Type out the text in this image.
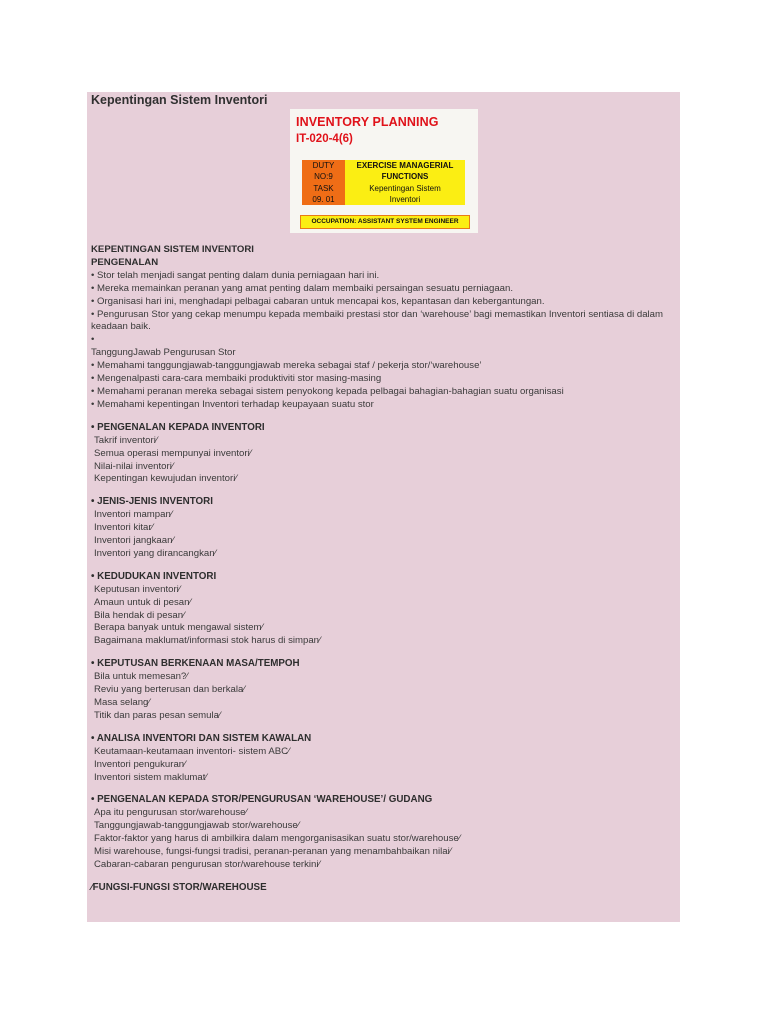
Kepentingan Sistem Inventori
INVENTORY PLANNING
IT-020-4(6)
DUTY	EXERCISE MANAGERIAL
NO:9	FUNCTIONS
TASK	Kepentingan Sistem
09. 01	Inventori
OCCUPATION: ASSISTANT SYSTEM ENGINEER
KEPENTINGAN SISTEM INVENTORI
PENGENALAN
• Stor telah menjadi sangat penting dalam dunia perniagaan hari ini.
• Mereka memainkan peranan yang amat penting dalam membaiki persaingan sesuatu perniagaan.
• Organisasi hari ini, menghadapi pelbagai cabaran untuk mencapai kos, kepantasan dan kebergantungan.
• Pengurusan Stor yang cekap menumpu kepada membaiki prestasi stor dan ‘warehouse’ bagi memastikan Inventori sentiasa di dalam keadaan baik.
•
TanggungJawab Pengurusan Stor
• Memahami tanggungjawab-tanggungjawab mereka sebagai staf / pekerja stor/‘warehouse’
• Mengenalpasti cara-cara membaiki produktiviti stor masing-masing
• Memahami peranan mereka sebagai sistem penyokong kepada pelbagai bahagian-bahagian suatu organisasi
• Memahami kepentingan Inventori terhadap keupayaan suatu stor
• PENGENALAN KEPADA INVENTORI
Takrif inventori⁄
Semua operasi mempunyai inventori⁄
Nilai-nilai inventori⁄
Kepentingan kewujudan inventori⁄
• JENIS-JENIS INVENTORI
Inventori mampan⁄
Inventori kitar⁄
Inventori jangkaan⁄
Inventori yang dirancangkan⁄
• KEDUDUKAN INVENTORI
Keputusan inventori⁄
Amaun untuk di pesan⁄
Bila hendak di pesan⁄
Berapa banyak untuk mengawal sistem⁄
Bagaimana maklumat/informasi stok harus di simpan⁄
• KEPUTUSAN BERKENAAN MASA/TEMPOH
Bila untuk memesan?⁄
Reviu yang berterusan dan berkala⁄
Masa selang⁄
Titik dan paras pesan semula⁄
• ANALISA INVENTORI DAN SISTEM KAWALAN
Keutamaan-keutamaan inventori- sistem ABC⁄
Inventori pengukuran⁄
Inventori sistem maklumat⁄
• PENGENALAN KEPADA STOR/PENGURUSAN ‘WAREHOUSE’/ GUDANG
Apa itu pengurusan stor/warehouse⁄
Tanggungjawab-tanggungjawab stor/warehouse⁄
Faktor-faktor yang harus di ambilkira dalam mengorganisasikan suatu stor/warehouse⁄
Misi warehouse, fungsi-fungsi tradisi, peranan-peranan yang menambahbaikan nilai⁄
Cabaran-cabaran pengurusan stor/warehouse terkini⁄
⁄FUNGSI-FUNGSI STOR/WAREHOUSE
